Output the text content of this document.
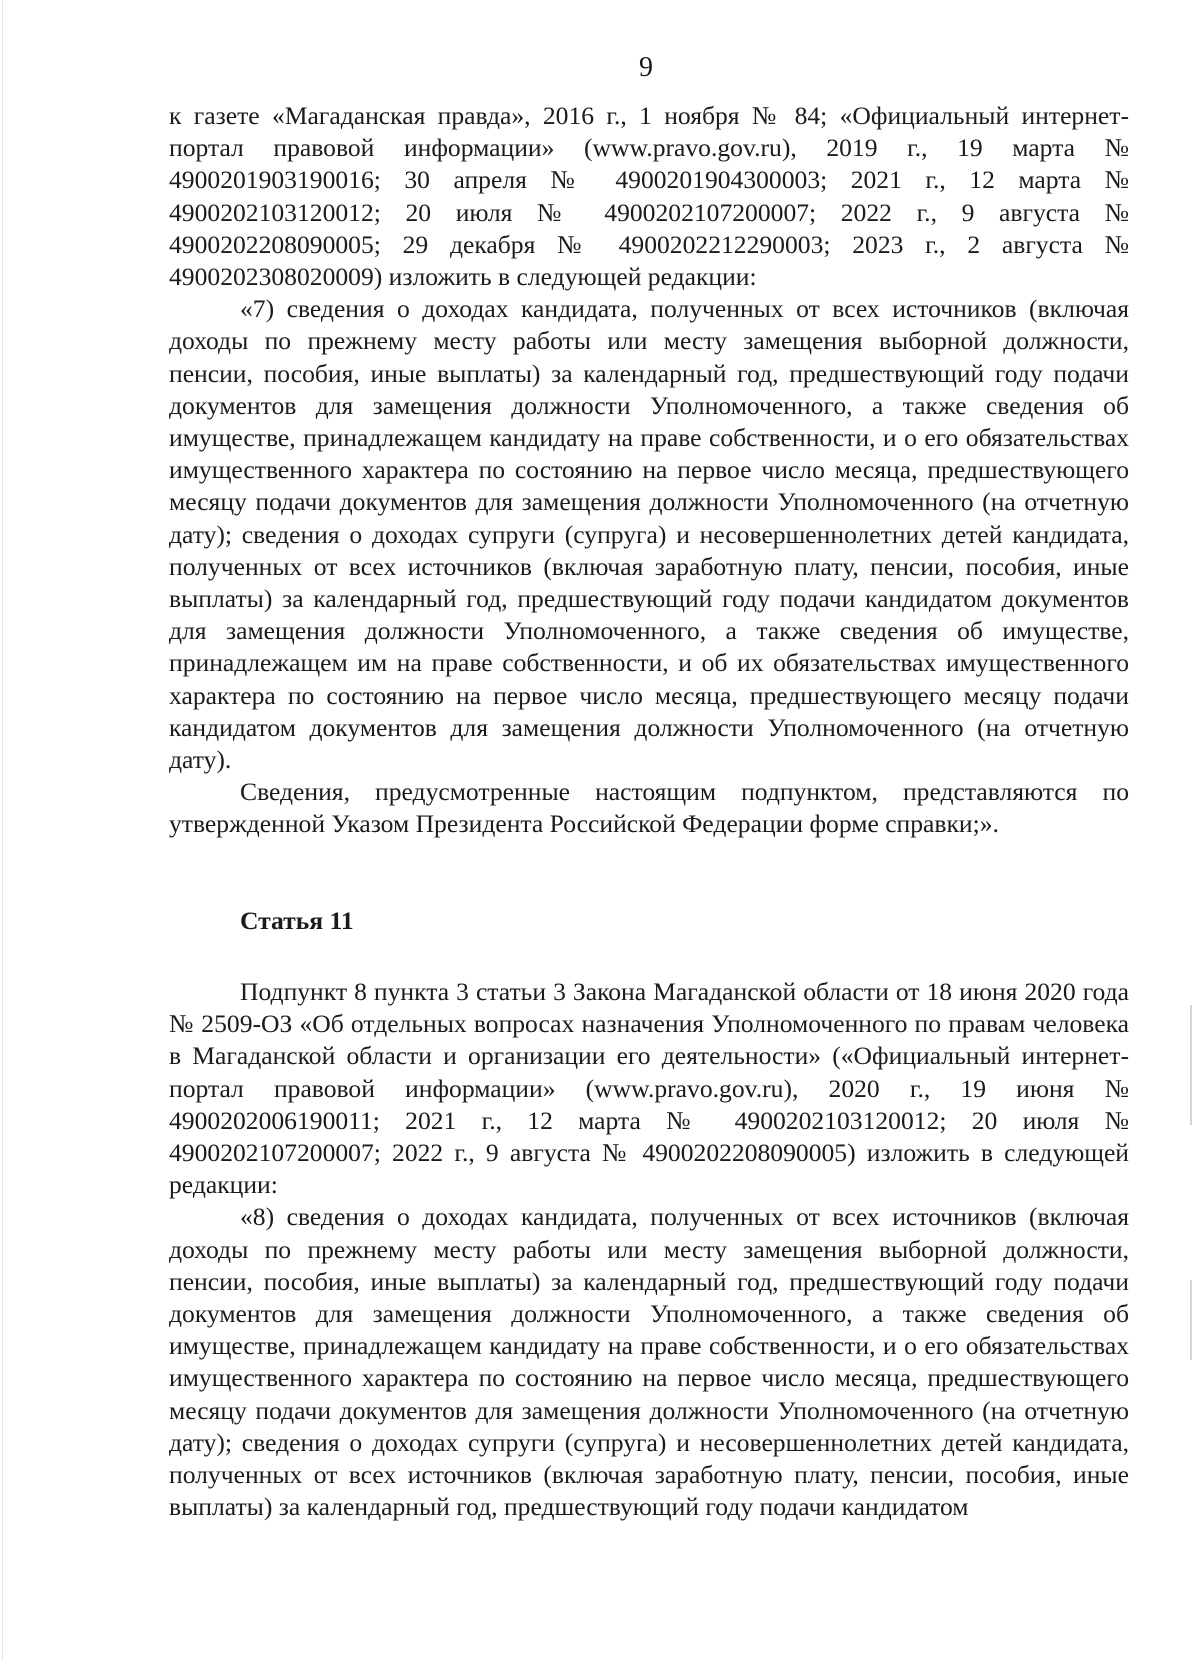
9

к газете «Магаданская правда», 2016 г., 1 ноября № 84; «Официальный интернет-портал правовой информации» (www.pravo.gov.ru), 2019 г., 19 марта № 4900201903190016; 30 апреля № 4900201904300003; 2021 г., 12 марта № 4900202103120012; 20 июля № 4900202107200007; 2022 г., 9 августа № 4900202208090005; 29 декабря № 4900202212290003; 2023 г., 2 августа № 4900202308020009) изложить в следующей редакции:

«7) сведения о доходах кандидата, полученных от всех источников (включая доходы по прежнему месту работы или месту замещения выборной должности, пенсии, пособия, иные выплаты) за календарный год, предшествующий году подачи документов для замещения должности Уполномоченного, а также сведения об имуществе, принадлежащем кандидату на праве собственности, и о его обязательствах имущественного характера по состоянию на первое число месяца, предшествующего месяцу подачи документов для замещения должности Уполномоченного (на отчетную дату); сведения о доходах супруги (супруга) и несовершеннолетних детей кандидата, полученных от всех источников (включая заработную плату, пенсии, пособия, иные выплаты) за календарный год, предшествующий году подачи кандидатом документов для замещения должности Уполномоченного, а также сведения об имуществе, принадлежащем им на праве собственности, и об их обязательствах имущественного характера по состоянию на первое число месяца, предшествующего месяцу подачи кандидатом документов для замещения должности Уполномоченного (на отчетную дату).

Сведения, предусмотренные настоящим подпунктом, представляются по утвержденной Указом Президента Российской Федерации форме справки;».

Статья 11

Подпункт 8 пункта 3 статьи 3 Закона Магаданской области от 18 июня 2020 года № 2509-ОЗ «Об отдельных вопросах назначения Уполномоченного по правам человека в Магаданской области и организации его деятельности» («Официальный интернет-портал правовой информации» (www.pravo.gov.ru), 2020 г., 19 июня № 4900202006190011; 2021 г., 12 марта № 4900202103120012; 20 июля № 4900202107200007; 2022 г., 9 августа № 4900202208090005) изложить в следующей редакции:

«8) сведения о доходах кандидата, полученных от всех источников (включая доходы по прежнему месту работы или месту замещения выборной должности, пенсии, пособия, иные выплаты) за календарный год, предшествующий году подачи документов для замещения должности Уполномоченного, а также сведения об имуществе, принадлежащем кандидату на праве собственности, и о его обязательствах имущественного характера по состоянию на первое число месяца, предшествующего месяцу подачи документов для замещения должности Уполномоченного (на отчетную дату); сведения о доходах супруги (супруга) и несовершеннолетних детей кандидата, полученных от всех источников (включая заработную плату, пенсии, пособия, иные выплаты) за календарный год, предшествующий году подачи кандидатом
